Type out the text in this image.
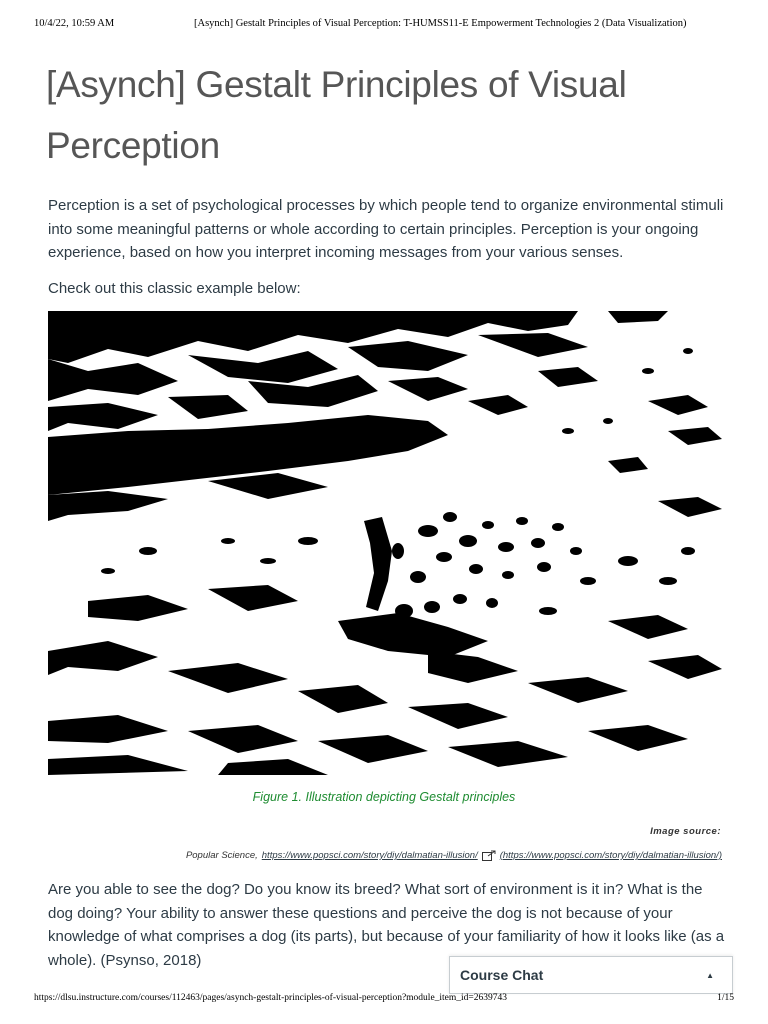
10/4/22, 10:59 AM	[Asynch] Gestalt Principles of Visual Perception: T-HUMSS11-E Empowerment Technologies 2 (Data Visualization)
[Asynch] Gestalt Principles of Visual Perception

Perception is a set of psychological processes by which people tend to organize environmental stimuli into some meaningful patterns or whole according to certain principles. Perception is your ongoing experience, based on how you interpret incoming messages from your various senses.

Check out this classic example below:

Figure 1. Illustration depicting Gestalt principles
Image source:
Popular Science, https://www.popsci.com/story/diy/dalmatian-illusion/ (https://www.popsci.com/story/diy/dalmatian-illusion/)

Are you able to see the dog? Do you know its breed? What sort of environment is it in? What is the dog doing? Your ability to answer these questions and perceive the dog is not because of your knowledge of what comprises a dog (its parts), but because of your familiarity of how it looks like (as a whole). (Psynso, 2018)

Course Chat	▲
https://dlsu.instructure.com/courses/112463/pages/asynch-gestalt-principles-of-visual-perception?module_item_id=2639743	1/15
